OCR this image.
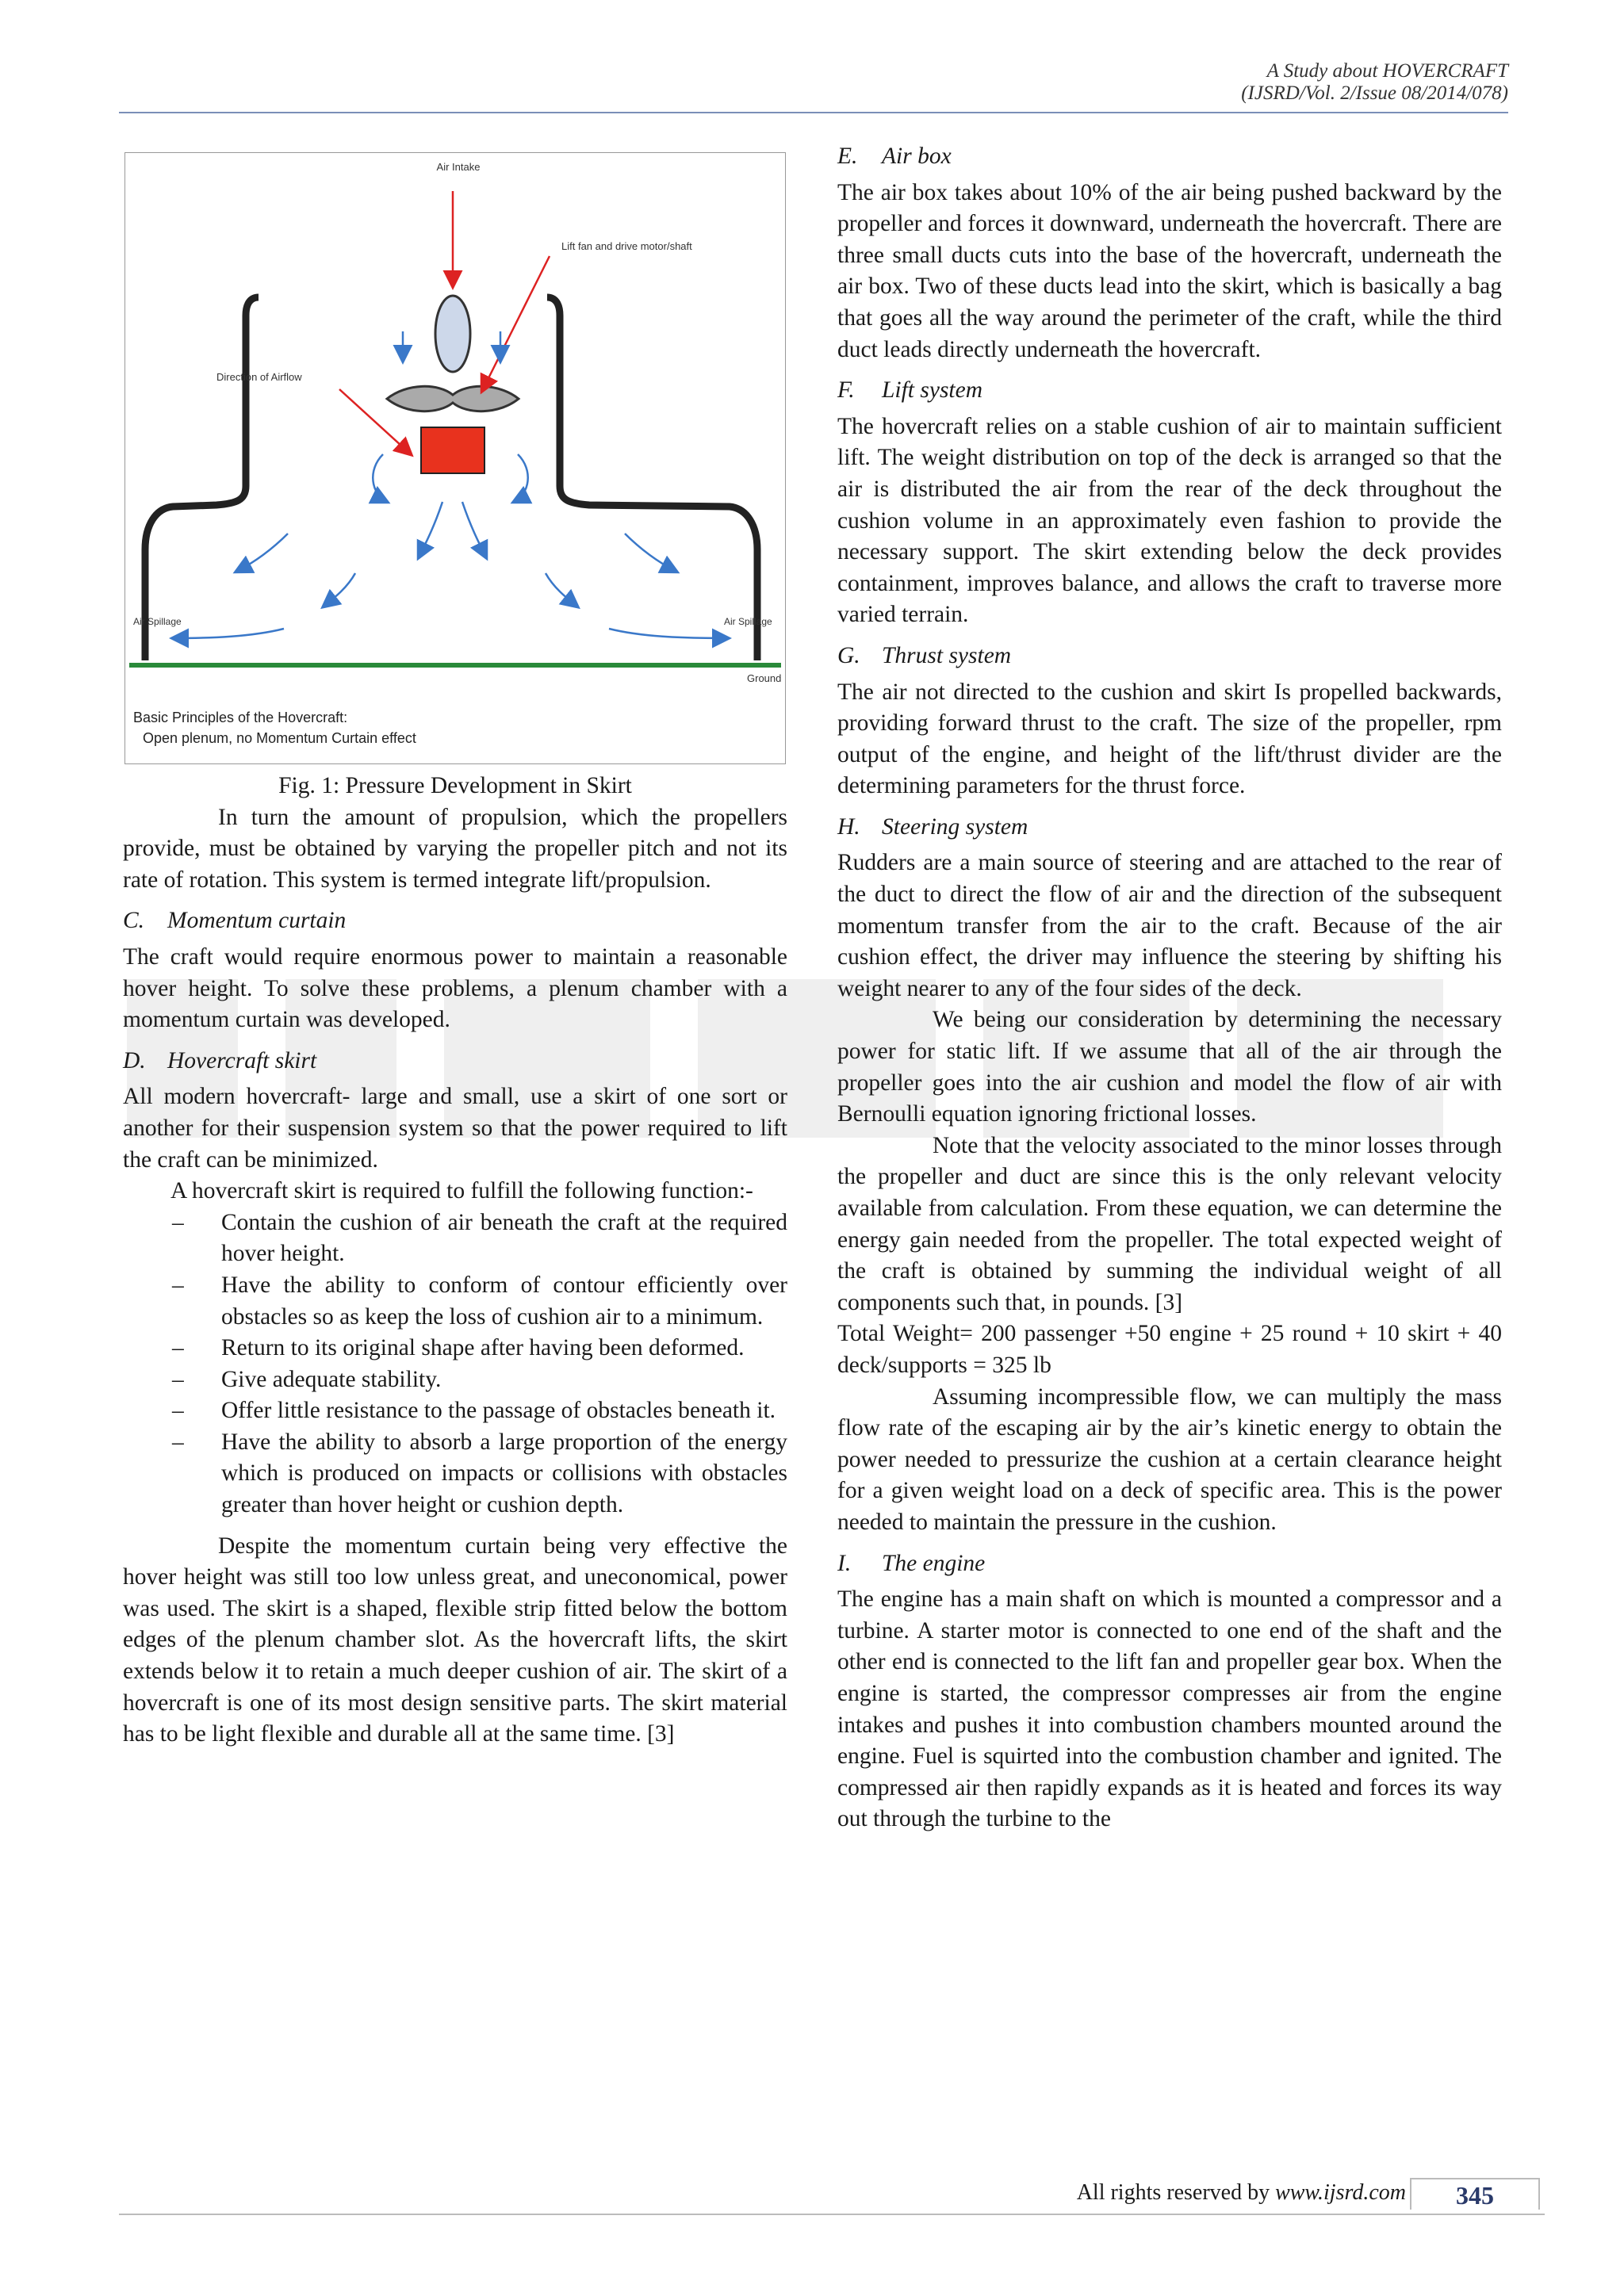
A Study about HOVERCRAFT
(IJSRD/Vol. 2/Issue 08/2014/078)
Air Intake
Lift fan and drive motor/shaft
Direction of Airflow
Air Spillage	Air Spillage
Ground
Basic Principles of the Hovercraft:
Open plenum, no Momentum Curtain effect

Fig. 1: Pressure Development in Skirt

In turn the amount of propulsion, which the propellers provide, must be obtained by varying the propeller pitch and not its rate of rotation. This system is termed integrate lift/propulsion.

C. Momentum curtain

The craft would require enormous power to maintain a reasonable hover height. To solve these problems, a plenum chamber with a momentum curtain was developed.

D. Hovercraft skirt

All modern hovercraft- large and small, use a skirt of one sort or another for their suspension system so that the power required to lift the craft can be minimized.

A hovercraft skirt is required to fulfill the following function:-

– Contain the cushion of air beneath the craft at the required hover height.
– Have the ability to conform of contour efficiently over obstacles so as keep the loss of cushion air to a minimum.
– Return to its original shape after having been deformed.
– Give adequate stability.
– Offer little resistance to the passage of obstacles beneath it.
– Have the ability to absorb a large proportion of the energy which is produced on impacts or collisions with obstacles greater than hover height or cushion depth.

Despite the momentum curtain being very effective the hover height was still too low unless great, and uneconomical, power was used. The skirt is a shaped, flexible strip fitted below the bottom edges of the plenum chamber slot. As the hovercraft lifts, the skirt extends below it to retain a much deeper cushion of air. The skirt of a hovercraft is one of its most design sensitive parts. The skirt material has to be light flexible and durable all at the same time. [3]

E. Air box

The air box takes about 10% of the air being pushed backward by the propeller and forces it downward, underneath the hovercraft. There are three small ducts cuts into the base of the hovercraft, underneath the air box. Two of these ducts lead into the skirt, which is basically a bag that goes all the way around the perimeter of the craft, while the third duct leads directly underneath the hovercraft.

F. Lift system

The hovercraft relies on a stable cushion of air to maintain sufficient lift. The weight distribution on top of the deck is arranged so that the air is distributed the air from the rear of the deck throughout the cushion volume in an approximately even fashion to provide the necessary support. The skirt extending below the deck provides containment, improves balance, and allows the craft to traverse more varied terrain.

G. Thrust system

The air not directed to the cushion and skirt Is propelled backwards, providing forward thrust to the craft. The size of the propeller, rpm output of the engine, and height of the lift/thrust divider are the determining parameters for the thrust force.

H. Steering system

Rudders are a main source of steering and are attached to the rear of the duct to direct the flow of air and the direction of the subsequent momentum transfer from the air to the craft. Because of the air cushion effect, the driver may influence the steering by shifting his weight nearer to any of the four sides of the deck.

We being our consideration by determining the necessary power for static lift. If we assume that all of the air through the propeller goes into the air cushion and model the flow of air with Bernoulli equation ignoring frictional losses.

Note that the velocity associated to the minor losses through the propeller and duct are since this is the only relevant velocity available from calculation. From these equation, we can determine the energy gain needed from the propeller. The total expected weight of the craft is obtained by summing the individual weight of all components such that, in pounds. [3]

Total Weight= 200 passenger +50 engine + 25 round + 10 skirt + 40 deck/supports = 325 lb

Assuming incompressible flow, we can multiply the mass flow rate of the escaping air by the air’s kinetic energy to obtain the power needed to pressurize the cushion at a certain clearance height for a given weight load on a deck of specific area. This is the power needed to maintain the pressure in the cushion.

I. The engine

The engine has a main shaft on which is mounted a compressor and a turbine. A starter motor is connected to one end of the shaft and the other end is connected to the lift fan and propeller gear box. When the engine is started, the compressor compresses air from the engine intakes and pushes it into combustion chambers mounted around the engine. Fuel is squirted into the combustion chamber and ignited. The compressed air then rapidly expands as it is heated and forces its way out through the turbine to the

All rights reserved by www.ijsrd.com	345
